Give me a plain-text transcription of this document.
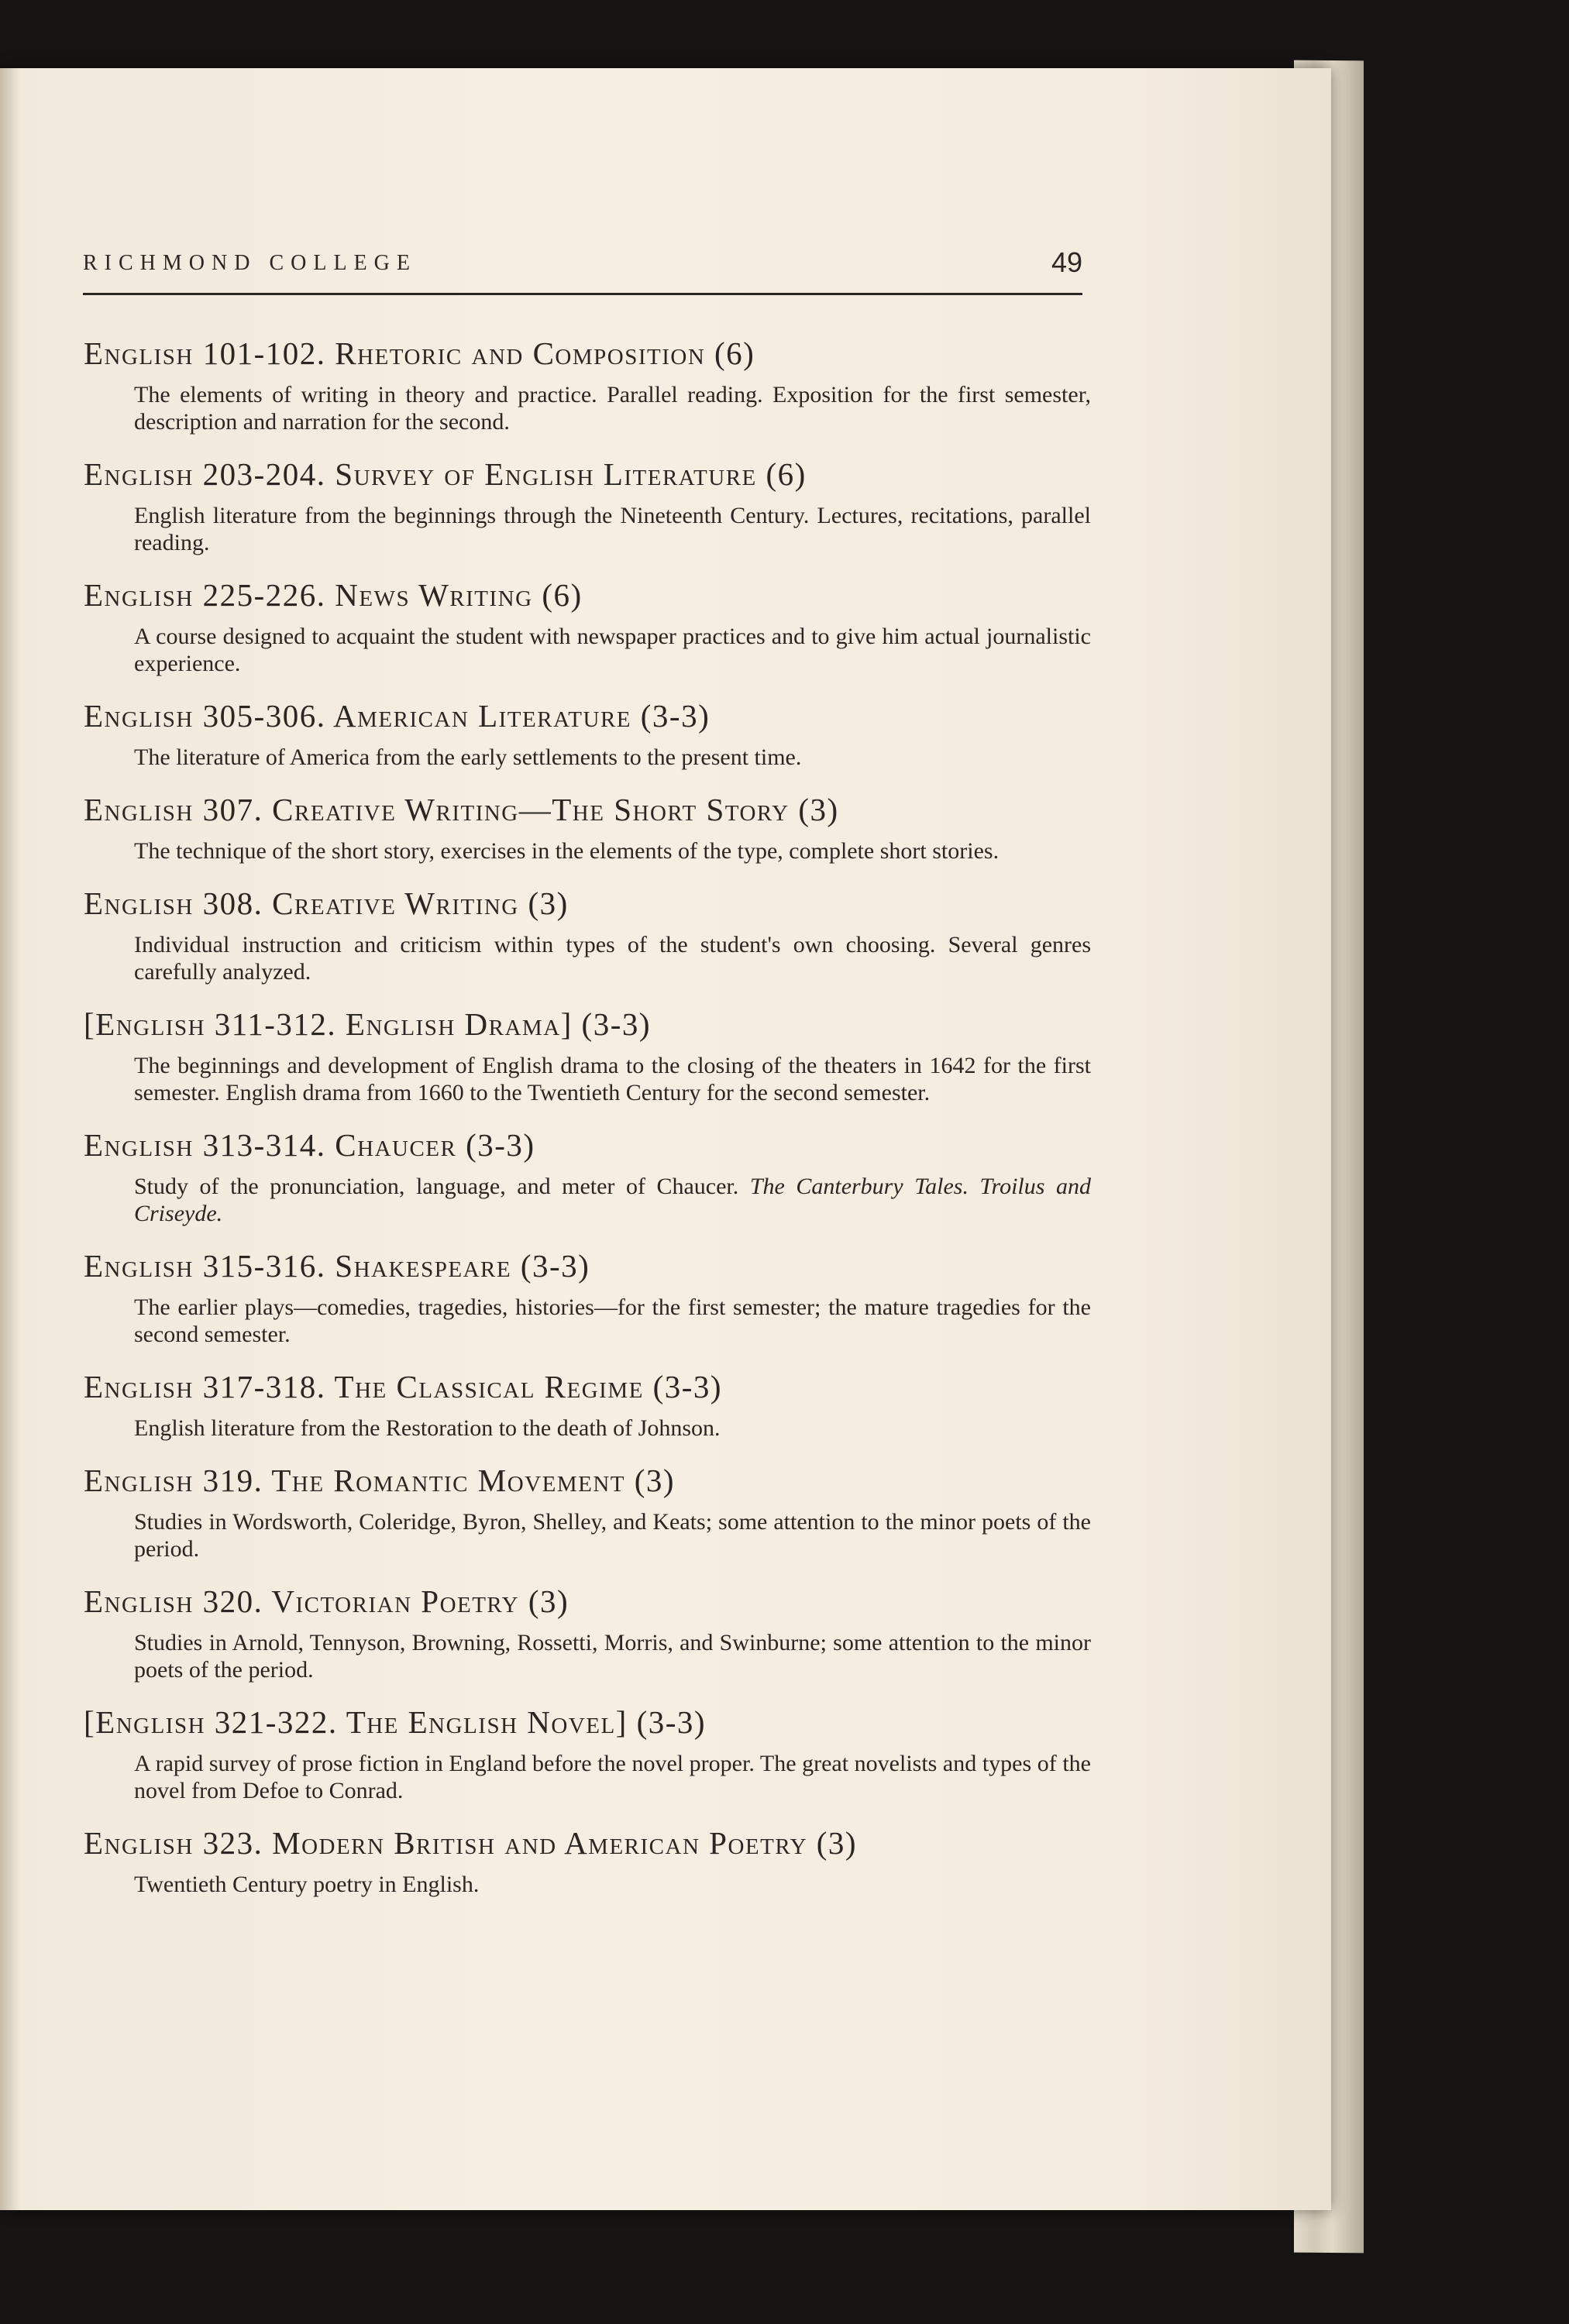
RICHMOND COLLEGE	49
English 101-102. Rhetoric and Composition (6)
The elements of writing in theory and practice. Parallel reading. Exposition for the first semester, description and narration for the second.
English 203-204. Survey of English Literature (6)
English literature from the beginnings through the Nineteenth Century. Lectures, recitations, parallel reading.
English 225-226. News Writing (6)
A course designed to acquaint the student with newspaper practices and to give him actual journalistic experience.
English 305-306. American Literature (3-3)
The literature of America from the early settlements to the present time.
English 307. Creative Writing—The Short Story (3)
The technique of the short story, exercises in the elements of the type, complete short stories.
English 308. Creative Writing (3)
Individual instruction and criticism within types of the student's own choosing. Several genres carefully analyzed.
[English 311-312. English Drama] (3-3)
The beginnings and development of English drama to the closing of the theaters in 1642 for the first semester. English drama from 1660 to the Twentieth Century for the second semester.
English 313-314. Chaucer (3-3)
Study of the pronunciation, language, and meter of Chaucer. The Canterbury Tales. Troilus and Criseyde.
English 315-316. Shakespeare (3-3)
The earlier plays—comedies, tragedies, histories—for the first semester; the mature tragedies for the second semester.
English 317-318. The Classical Regime (3-3)
English literature from the Restoration to the death of Johnson.
English 319. The Romantic Movement (3)
Studies in Wordsworth, Coleridge, Byron, Shelley, and Keats; some attention to the minor poets of the period.
English 320. Victorian Poetry (3)
Studies in Arnold, Tennyson, Browning, Rossetti, Morris, and Swinburne; some attention to the minor poets of the period.
[English 321-322. The English Novel] (3-3)
A rapid survey of prose fiction in England before the novel proper. The great novelists and types of the novel from Defoe to Conrad.
English 323. Modern British and American Poetry (3)
Twentieth Century poetry in English.
